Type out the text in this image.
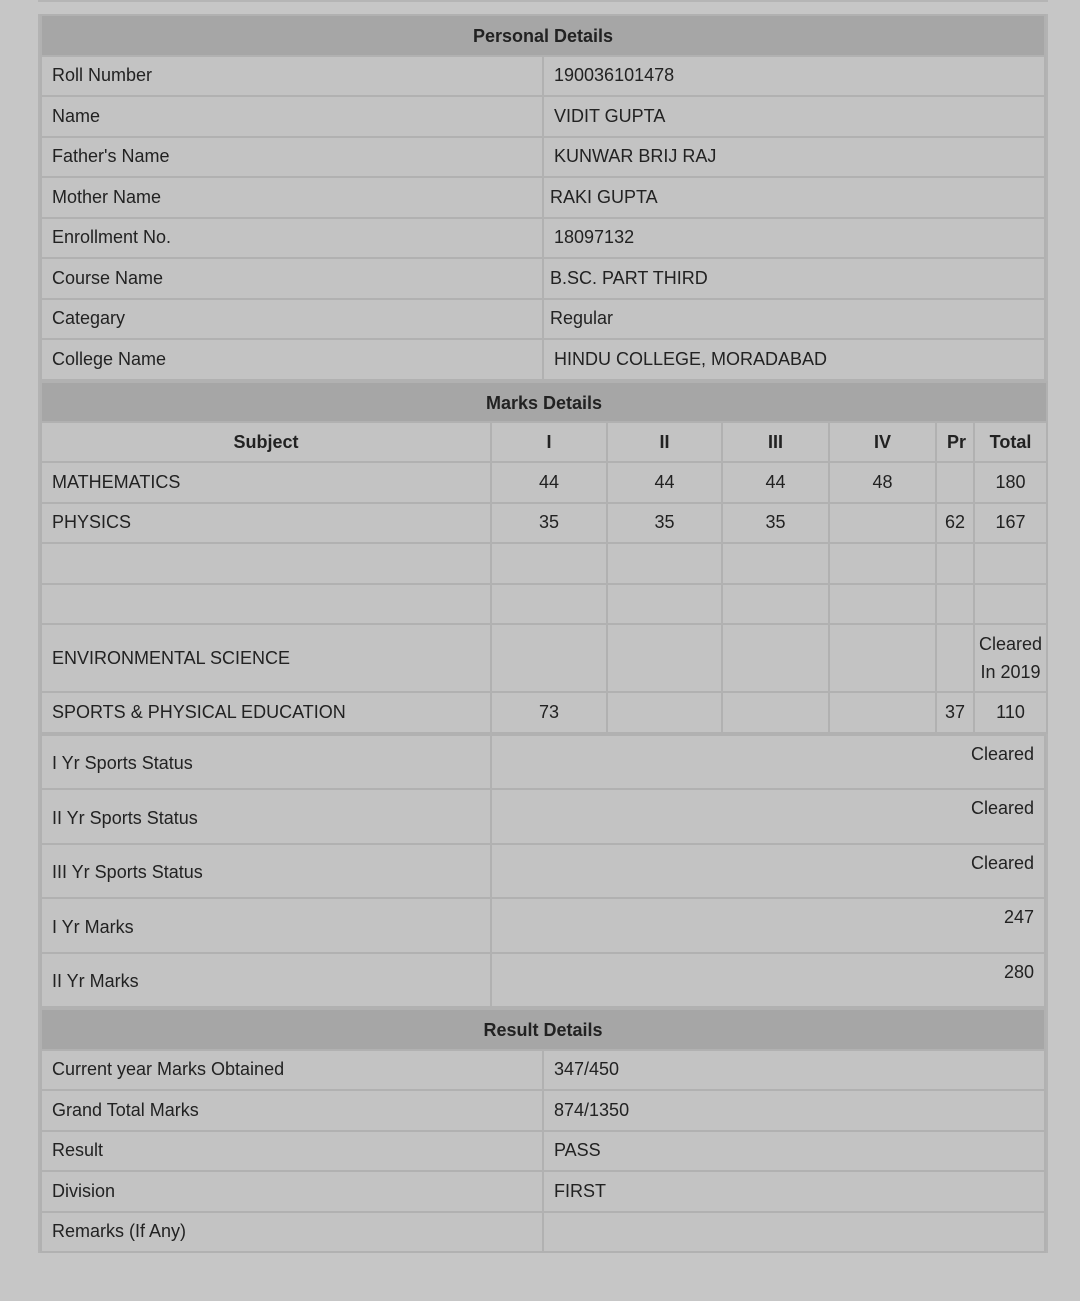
Personal Details	
Roll Number	190036101478
Name	VIDIT GUPTA
Father's Name	KUNWAR BRIJ RAJ
Mother Name	RAKI GUPTA
Enrollment No.	18097132
Course Name	B.SC. PART THIRD
Categary	Regular
College Name	HINDU COLLEGE, MORADABAD
Marks Details						
Subject	I	II	III	IV	Pr	Total
MATHEMATICS	44	44	44	48		180
PHYSICS	35	35	35		62	167

ENVIRONMENTAL SCIENCE						Cleared In 2019
SPORTS & PHYSICAL EDUCATION	73				37	110
I Yr Sports Status	Cleared
II Yr Sports Status	Cleared
III Yr Sports Status	Cleared
I Yr Marks	247
II Yr Marks	280
Result Details	
Current year Marks Obtained	347/450
Grand Total Marks	874/1350
Result	PASS
Division	FIRST
Remarks (If Any)	
